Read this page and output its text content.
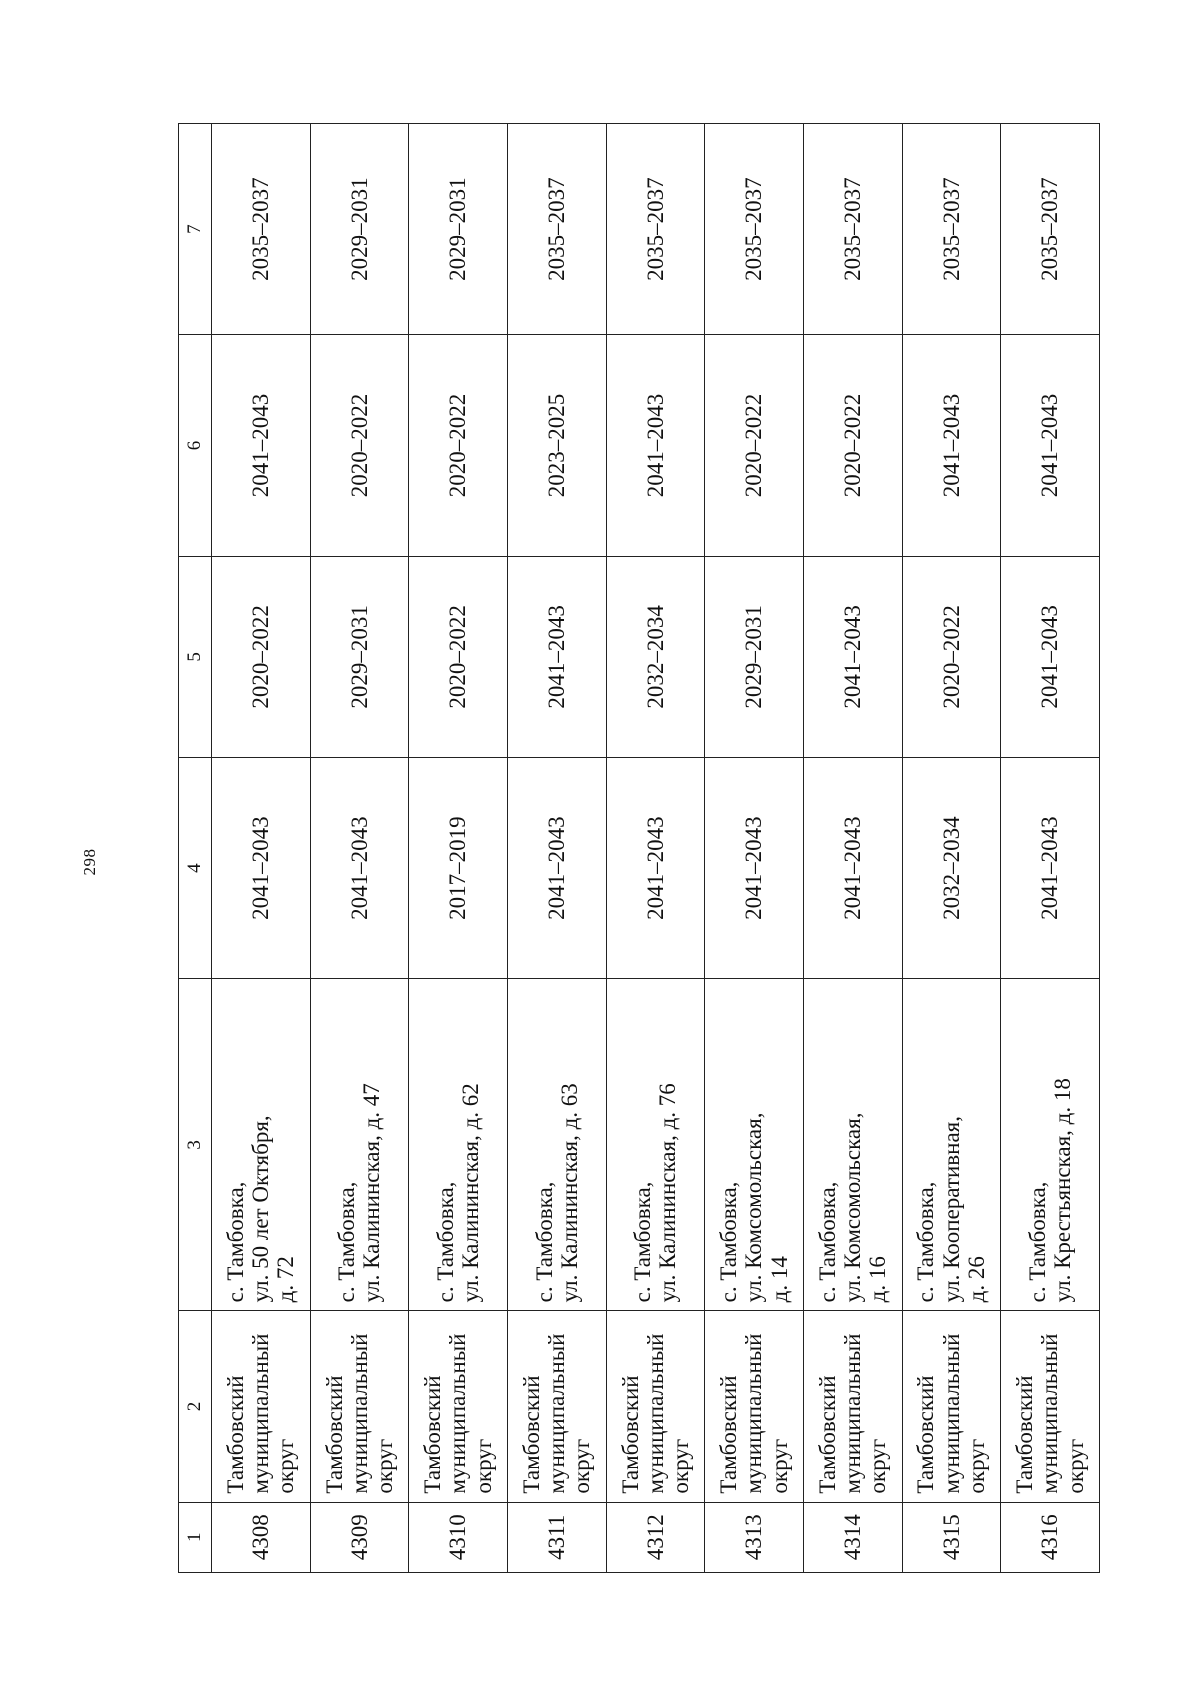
298
1	2	3	4	5	6	7
4308	Тамбовский муниципальный округ	с. Тамбовка, ул. 50 лет Октября, д. 72	2041–2043	2020–2022	2041–2043	2035–2037
4309	Тамбовский муниципальный округ	с. Тамбовка, ул. Калининская, д. 47	2041–2043	2029–2031	2020–2022	2029–2031
4310	Тамбовский муниципальный округ	с. Тамбовка, ул. Калининская, д. 62	2017–2019	2020–2022	2020–2022	2029–2031
4311	Тамбовский муниципальный округ	с. Тамбовка, ул. Калининская, д. 63	2041–2043	2041–2043	2023–2025	2035–2037
4312	Тамбовский муниципальный округ	с. Тамбовка, ул. Калининская, д. 76	2041–2043	2032–2034	2041–2043	2035–2037
4313	Тамбовский муниципальный округ	с. Тамбовка, ул. Комсомольская, д. 14	2041–2043	2029–2031	2020–2022	2035–2037
4314	Тамбовский муниципальный округ	с. Тамбовка, ул. Комсомольская, д. 16	2041–2043	2041–2043	2020–2022	2035–2037
4315	Тамбовский муниципальный округ	с. Тамбовка, ул. Кооперативная, д. 26	2032–2034	2020–2022	2041–2043	2035–2037
4316	Тамбовский муниципальный округ	с. Тамбовка, ул. Крестьянская, д. 18	2041–2043	2041–2043	2041–2043	2035–2037
